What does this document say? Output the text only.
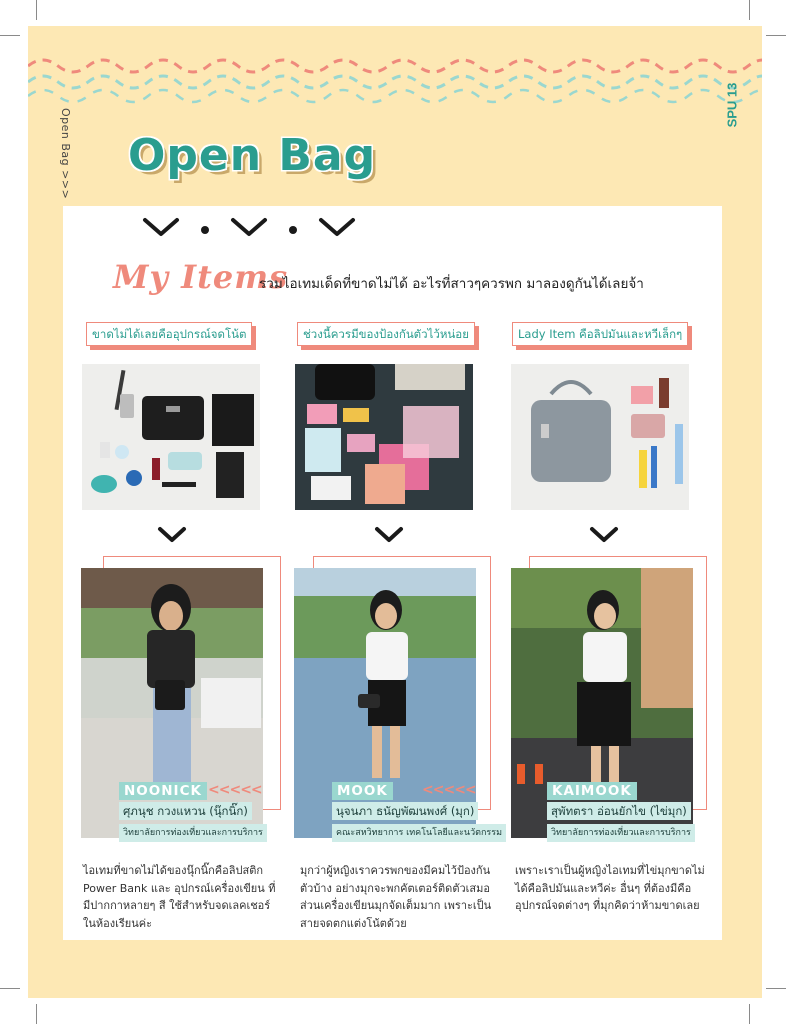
Open Bag >>>
SPU 13
Open Bag
My Items
รวมไอเทมเด็ดที่ขาดไม่ได้ อะไรที่สาวๆควรพก มาลองดูกันได้เลยจ้า
ขาดไม่ได้เลยคืออุปกรณ์จดโน้ต
NOONICK <<<<<
ศุภนุช กวงแหวน (นุ๊กนิ๊ก)
วิทยาลัยการท่องเที่ยวและการบริการ
ไอเทมที่ขาดไม่ได้ของนุ๊กนิ๊กคือลิปสติก Power Bank และ อุปกรณ์เครื่องเขียน ที่มีปากกาหลายๆ สี ใช้สำหรับจดเลคเชอร์ในห้องเรียนค่ะ
ช่วงนี้ควรมีของป้องกันตัวไว้หน่อย
MOOK	<<<<<
นุจนภา ธนัญพัฒนพงศ์ (มุก)
คณะสหวิทยาการ เทคโนโลยีและนวัตกรรม
มุกว่าผู้หญิงเราควรพกของมีคมไว้ป้องกันตัวบ้าง อย่างมุกจะพกคัตเตอร์ติดตัวเสมอ ส่วนเครื่องเขียนมุกจัดเต็มมาก เพราะเป็นสายจดตกแต่งโน้ตด้วย
Lady Item คือลิปมันและหวีเล็กๆ
KAIMOOK
สุพัทตรา อ่อนยักไข (ไข่มุก)
วิทยาลัยการท่องเที่ยวและการบริการ
เพราะเราเป็นผู้หญิงไอเทมที่ไข่มุกขาดไม่ได้คือลิปมันและหวีค่ะ อื่นๆ ที่ต้องมีคืออุปกรณ์จดต่างๆ ที่มุกคิดว่าห้ามขาดเลย
